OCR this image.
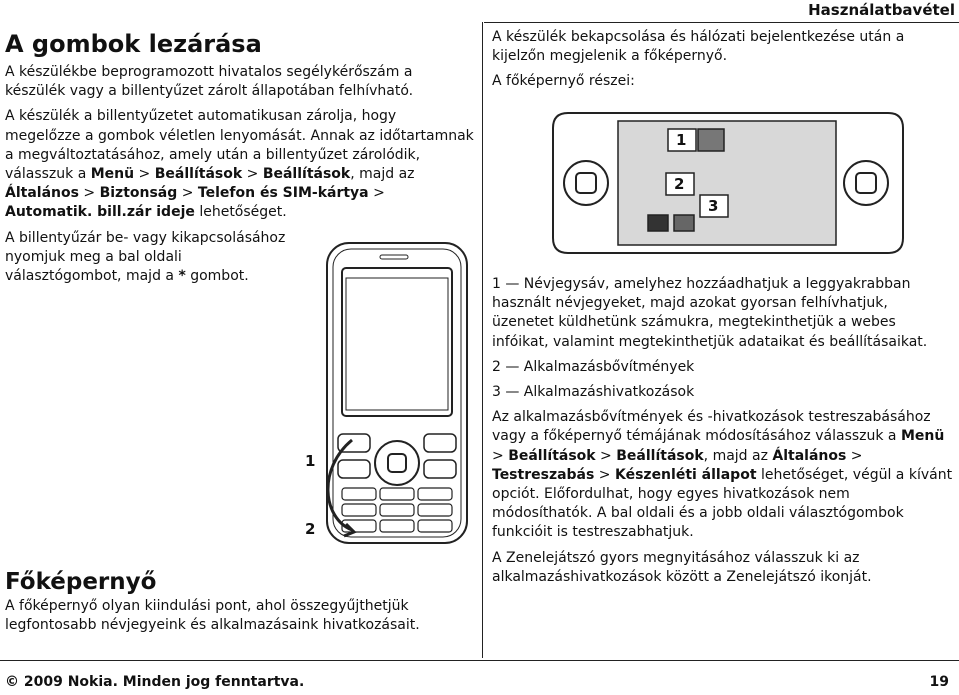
Használatbavétel
A gombok lezárása

A készülékbe beprogramozott hivatalos segélykérőszám a készülék vagy a billentyűzet zárolt állapotában felhívható.

A készülék a billentyűzetet automatikusan zárolja, hogy megelőzze a gombok véletlen lenyomását. Annak az időtartamnak a megváltoztatásához, amely után a billentyűzet zárolódik, válasszuk a Menü > Beállítások > Beállítások, majd az Általános > Biztonság > Telefon és SIM-kártya > Automatik. bill.zár ideje lehetőséget.

A billentyűzár be- vagy kikapcsolásához nyomjuk meg a bal oldali választógombot, majd a * gombot.

1
2
Főképernyő

A főképernyő olyan kiindulási pont, ahol összegyűjthetjük legfontosabb névjegyeink és alkalmazásaink hivatkozásait.

A készülék bekapcsolása és hálózati bejelentkezése után a kijelzőn megjelenik a főképernyő.

A főképernyő részei:

1
2
3

1 — Névjegysáv, amelyhez hozzáadhatjuk a leggyakrabban használt névjegyeket, majd azokat gyorsan felhívhatjuk, üzenetet küldhetünk számukra, megtekinthetjük a webes infóikat, valamint megtekinthetjük adataikat és beállításaikat.

2 — Alkalmazásbővítmények

3 — Alkalmazáshivatkozások

Az alkalmazásbővítmények és -hivatkozások testreszabásához vagy a főképernyő témájának módosításához válasszuk a Menü > Beállítások > Beállítások, majd az Általános > Testreszabás > Készenléti állapot lehetőséget, végül a kívánt opciót. Előfordulhat, hogy egyes hivatkozások nem módosíthatók. A bal oldali és a jobb oldali választógombok funkcióit is testreszabhatjuk.

A Zenelejátszó gyors megnyitásához válasszuk ki az alkalmazáshivatkozások között a Zenelejátszó ikonját.

© 2009 Nokia. Minden jog fenntartva.	19
